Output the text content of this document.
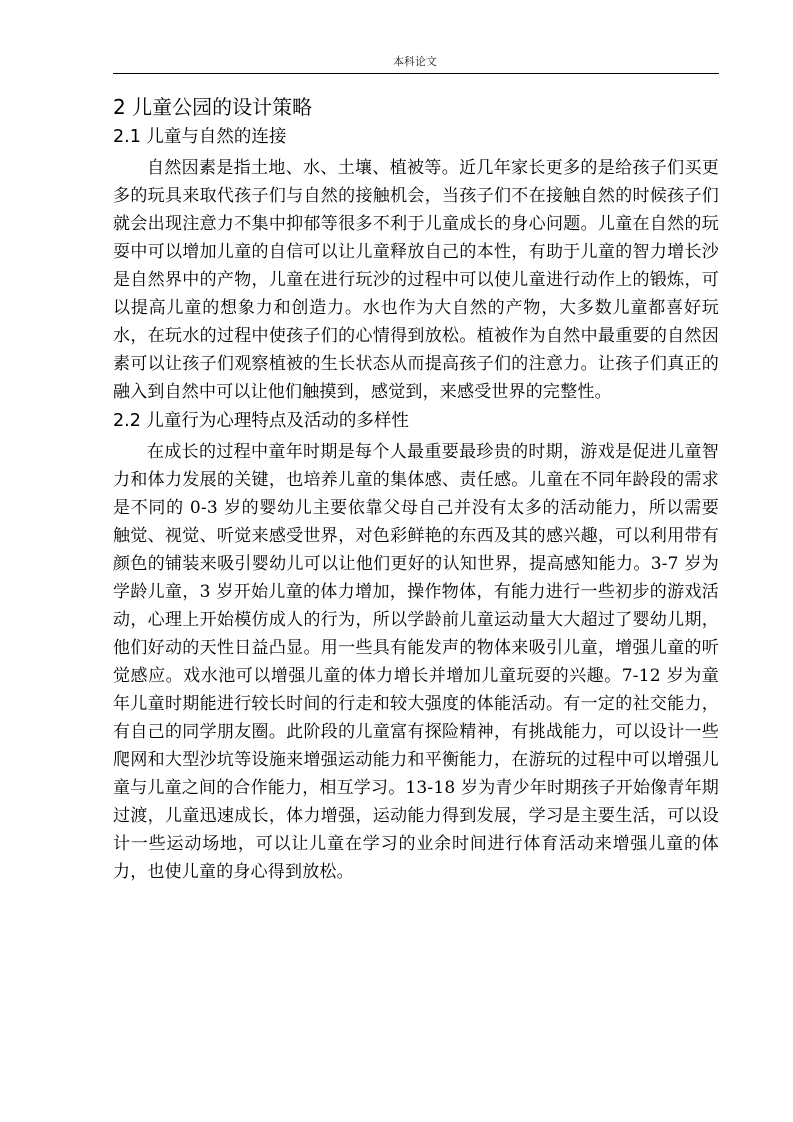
本科论文
2 儿童公园的设计策略
2.1 儿童与自然的连接

自然因素是指土地、水、土壤、植被等。近几年家长更多的是给孩子们买更多的玩具来取代孩子们与自然的接触机会，当孩子们不在接触自然的时候孩子们就会出现注意力不集中抑郁等很多不利于儿童成长的身心问题。儿童在自然的玩耍中可以增加儿童的自信可以让儿童释放自己的本性，有助于儿童的智力增长沙是自然界中的产物，儿童在进行玩沙的过程中可以使儿童进行动作上的锻炼，可以提高儿童的想象力和创造力。水也作为大自然的产物，大多数儿童都喜好玩水，在玩水的过程中使孩子们的心情得到放松。植被作为自然中最重要的自然因素可以让孩子们观察植被的生长状态从而提高孩子们的注意力。让孩子们真正的融入到自然中可以让他们触摸到，感觉到，来感受世界的完整性。

2.2 儿童行为心理特点及活动的多样性

在成长的过程中童年时期是每个人最重要最珍贵的时期，游戏是促进儿童智力和体力发展的关键，也培养儿童的集体感、责任感。儿童在不同年龄段的需求是不同的 0-3 岁的婴幼儿主要依靠父母自己并没有太多的活动能力，所以需要触觉、视觉、听觉来感受世界，对色彩鲜艳的东西及其的感兴趣，可以利用带有颜色的铺装来吸引婴幼儿可以让他们更好的认知世界，提高感知能力。3-7 岁为学龄儿童，3 岁开始儿童的体力增加，操作物体，有能力进行一些初步的游戏活动，心理上开始模仿成人的行为，所以学龄前儿童运动量大大超过了婴幼儿期，他们好动的天性日益凸显。用一些具有能发声的物体来吸引儿童，增强儿童的听觉感应。戏水池可以增强儿童的体力增长并增加儿童玩耍的兴趣。7-12 岁为童年儿童时期能进行较长时间的行走和较大强度的体能活动。有一定的社交能力，有自己的同学朋友圈。此阶段的儿童富有探险精神，有挑战能力，可以设计一些爬网和大型沙坑等设施来增强运动能力和平衡能力，在游玩的过程中可以增强儿童与儿童之间的合作能力，相互学习。13-18 岁为青少年时期孩子开始像青年期过渡，儿童迅速成长，体力增强，运动能力得到发展，学习是主要生活，可以设计一些运动场地，可以让儿童在学习的业余时间进行体育活动来增强儿童的体力，也使儿童的身心得到放松。
